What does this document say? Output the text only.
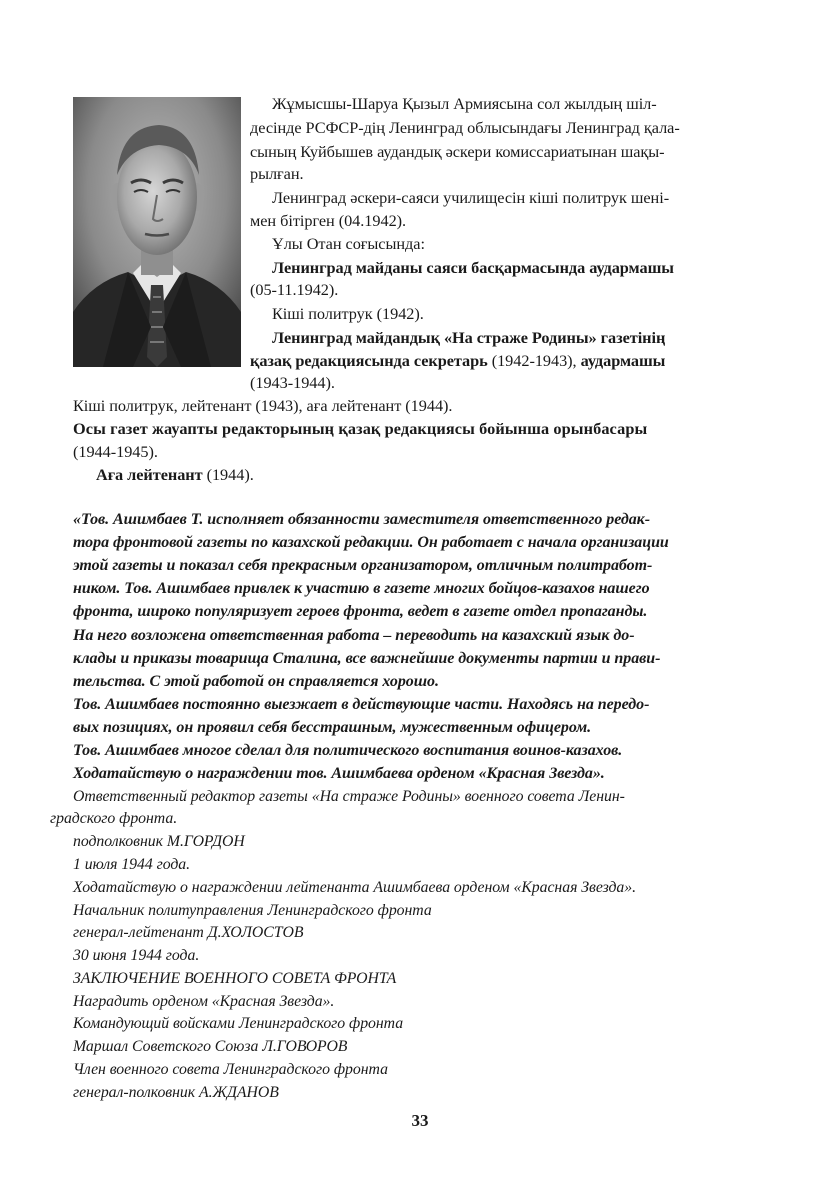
Жұмысшы-Шаруа Қызыл Армиясына сол жылдың шіл-
десінде РСФСР-дің Ленинград облысындағы Ленинград қала-
сының Куйбышев аудандық әскери комиссариатынан шақы-
рылған.
Ленинград әскери-саяси училищесін кіші политрук шені-
мен бітірген (04.1942).
Ұлы Отан соғысында:
Ленинград майданы саяси басқармасында аудармашы
(05-11.1942).
Кіші политрук (1942).
Ленинград майдандық «На страже Родины» газетінің
қазақ редакциясында секретарь (1942-1943), аудармашы
(1943-1944).
Кіші политрук, лейтенант (1943), аға лейтенант (1944).
Осы газет жауапты редакторының қазақ редакциясы бойынша орынбасары
(1944-1945).
Аға лейтенант (1944).
«Тов. Ашимбаев Т. исполняет обязанности заместителя ответственного редак-
тора фронтовой газеты по казахской редакции. Он работает с начала организации
этой газеты и показал себя прекрасным организатором, отличным политработ-
ником. Тов. Ашимбаев привлек к участию в газете многих бойцов-казахов нашего
фронта, широко популяризует героев фронта, ведет в газете отдел пропаганды.
На него возложена ответственная работа – переводить на казахский язык до-
клады и приказы товарища Сталина, все важнейшие документы партии и прави-
тельства. С этой работой он справляется хорошо.
Тов. Ашимбаев постоянно выезжает в действующие части. Находясь на передо-
вых позициях, он проявил себя бесстрашным, мужественным офицером.
Тов. Ашимбаев многое сделал для политического воспитания воинов-казахов.
Ходатайствую о награждении тов. Ашимбаева орденом «Красная Звезда».
Ответственный редактор газеты «На страже Родины» военного совета Ленин-
градского фронта.
подполковник М.ГОРДОН
1 июля 1944 года.
Ходатайствую о награждении лейтенанта Ашимбаева орденом «Красная Звезда».
Начальник политуправления Ленинградского фронта
генерал-лейтенант Д.ХОЛОСТОВ
30 июня 1944 года.
ЗАКЛЮЧЕНИЕ ВОЕННОГО СОВЕТА ФРОНТА
Наградить орденом «Красная Звезда».
Командующий войсками Ленинградского фронта
Маршал Советского Союза Л.ГОВОРОВ
Член военного совета Ленинградского фронта
генерал-полковник А.ЖДАНОВ
33
